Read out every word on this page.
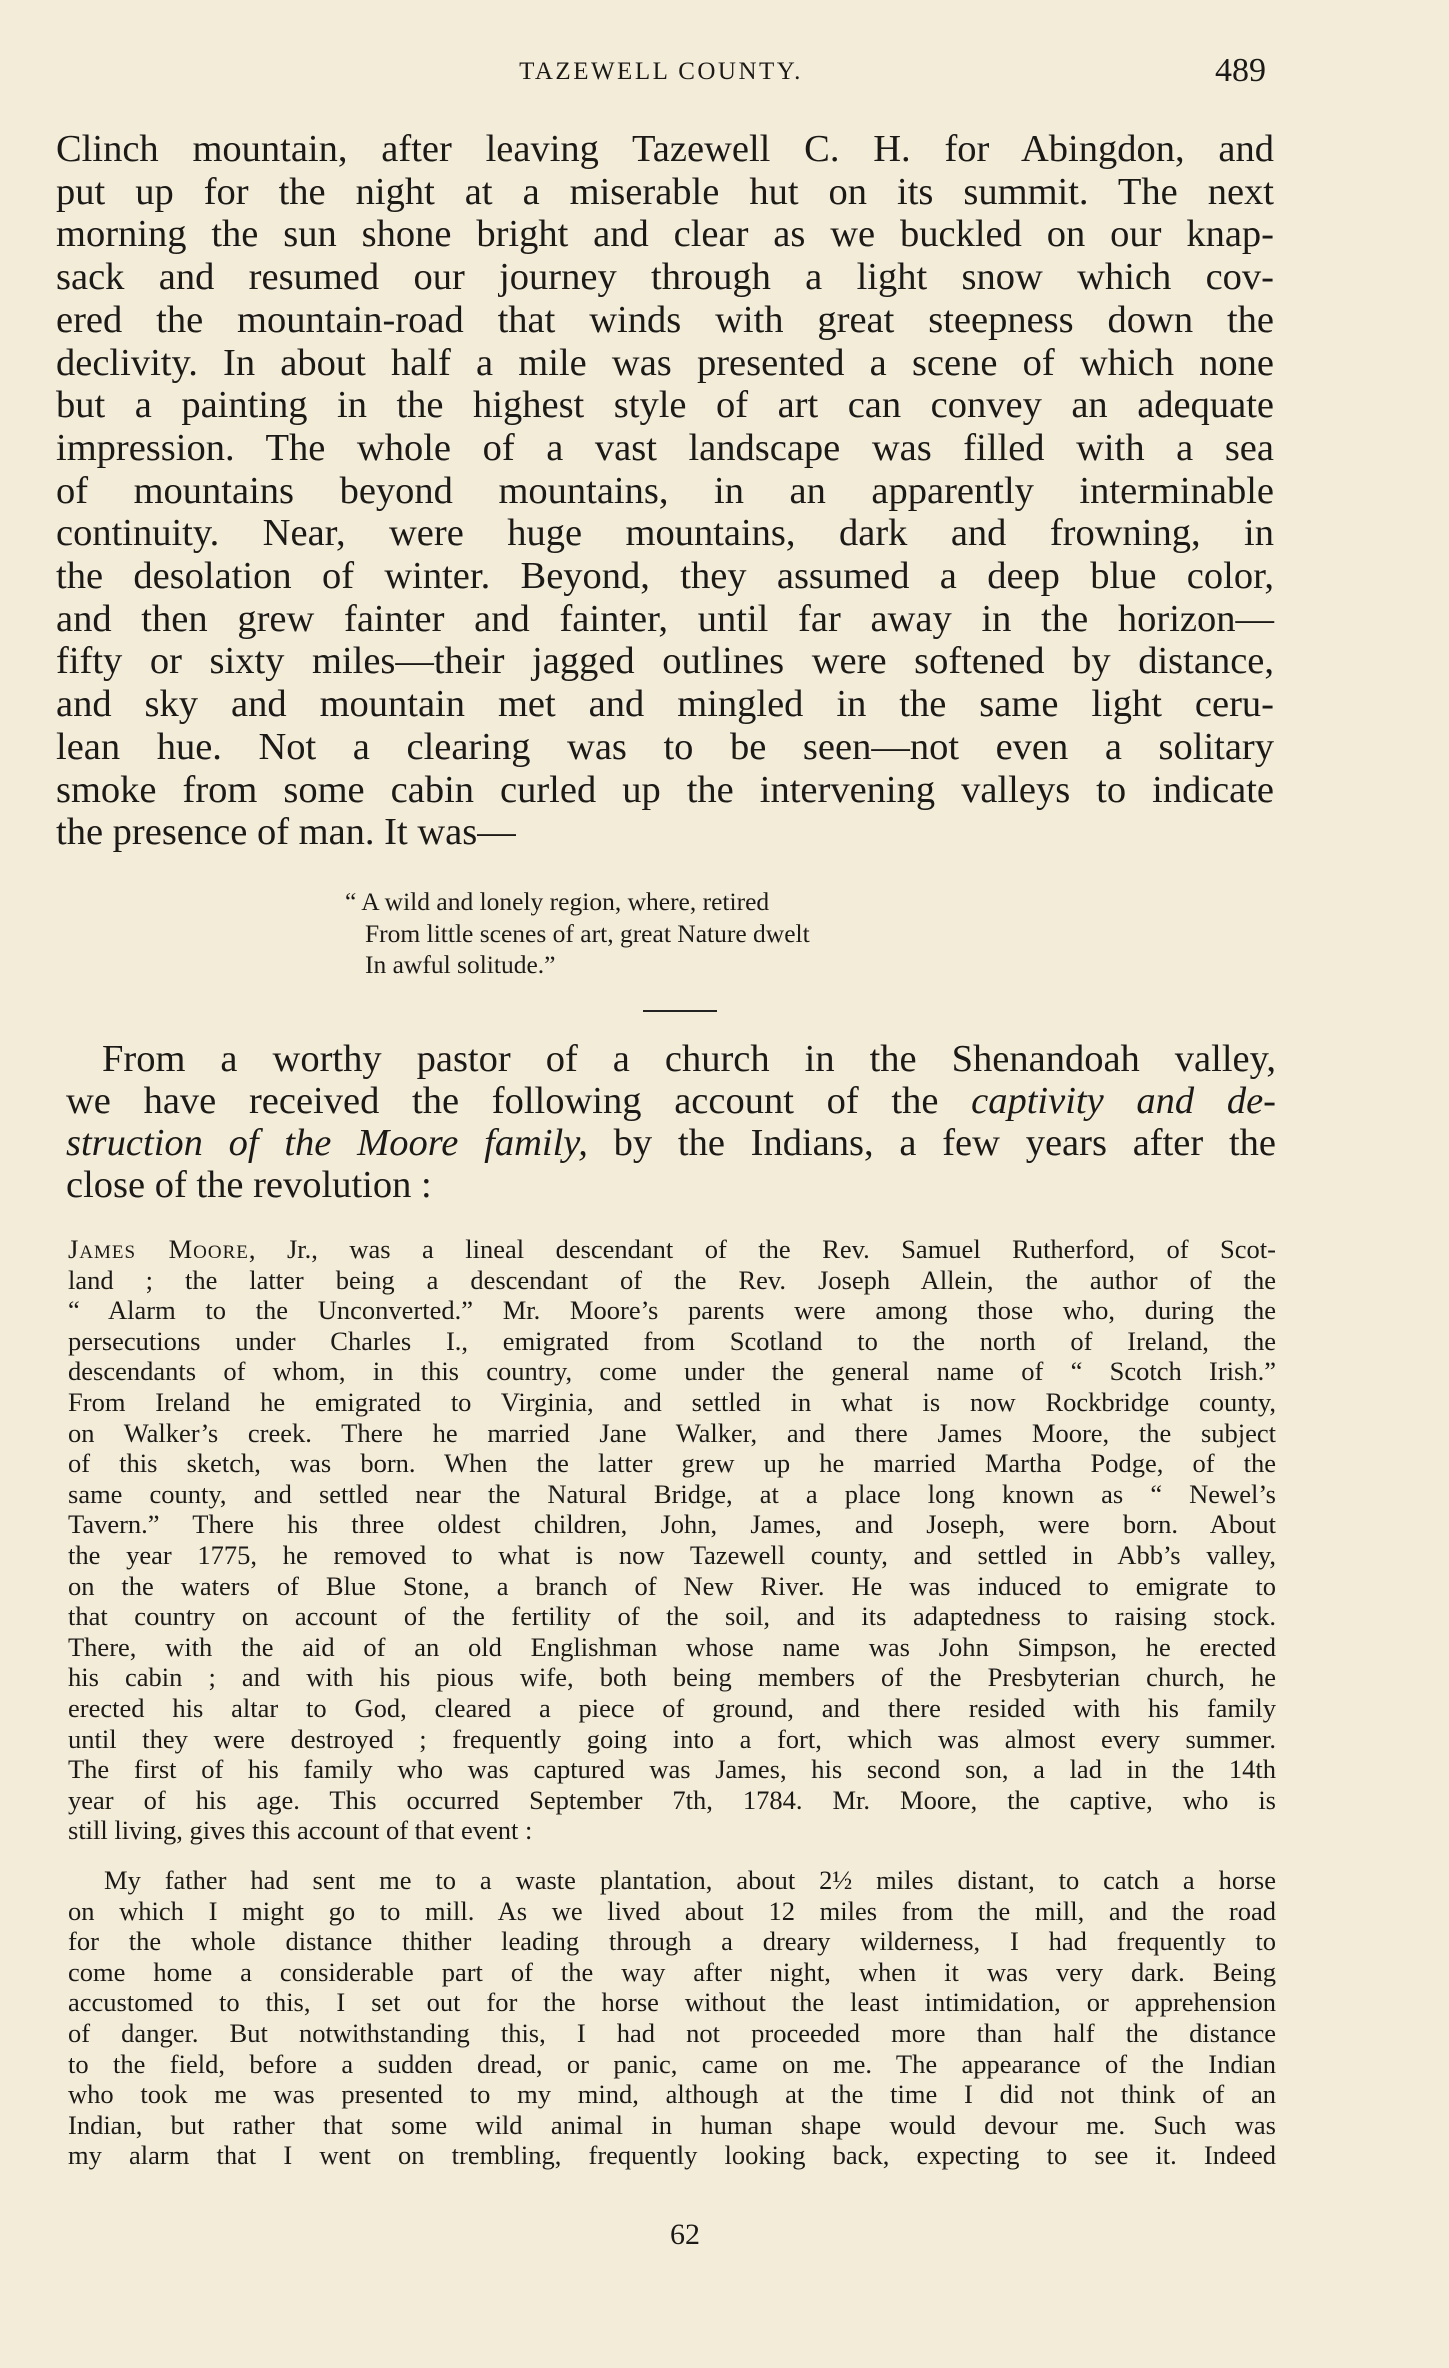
TAZEWELL COUNTY.	489

Clinch mountain, after leaving Tazewell C. H. for Abingdon, and
put up for the night at a miserable hut on its summit. The next
morning the sun shone bright and clear as we buckled on our knap-
sack and resumed our journey through a light snow which cov-
ered the mountain-road that winds with great steepness down the
declivity. In about half a mile was presented a scene of which none
but a painting in the highest style of art can convey an adequate
impression. The whole of a vast landscape was filled with a sea
of mountains beyond mountains, in an apparently interminable
continuity. Near, were huge mountains, dark and frowning, in
the desolation of winter. Beyond, they assumed a deep blue color,
and then grew fainter and fainter, until far away in the horizon—
fifty or sixty miles—their jagged outlines were softened by distance,
and sky and mountain met and mingled in the same light ceru-
lean hue. Not a clearing was to be seen—not even a solitary
smoke from some cabin curled up the intervening valleys to indicate
the presence of man. It was—

“ A wild and lonely region, where, retired
From little scenes of art, great Nature dwelt
In awful solitude.”

From a worthy pastor of a church in the Shenandoah valley,
we have received the following account of the captivity and de-
struction of the Moore family, by the Indians, a few years after the
close of the revolution :

James Moore, Jr., was a lineal descendant of the Rev. Samuel Rutherford, of Scot-
land ; the latter being a descendant of the Rev. Joseph Allein, the author of the
“ Alarm to the Unconverted.” Mr. Moore’s parents were among those who, during the
persecutions under Charles I., emigrated from Scotland to the north of Ireland, the
descendants of whom, in this country, come under the general name of “ Scotch Irish.”
From Ireland he emigrated to Virginia, and settled in what is now Rockbridge county,
on Walker’s creek. There he married Jane Walker, and there James Moore, the subject
of this sketch, was born. When the latter grew up he married Martha Podge, of the
same county, and settled near the Natural Bridge, at a place long known as “ Newel’s
Tavern.” There his three oldest children, John, James, and Joseph, were born. About
the year 1775, he removed to what is now Tazewell county, and settled in Abb’s valley,
on the waters of Blue Stone, a branch of New River. He was induced to emigrate to
that country on account of the fertility of the soil, and its adaptedness to raising stock.
There, with the aid of an old Englishman whose name was John Simpson, he erected
his cabin ; and with his pious wife, both being members of the Presbyterian church, he
erected his altar to God, cleared a piece of ground, and there resided with his family
until they were destroyed ; frequently going into a fort, which was almost every summer.
The first of his family who was captured was James, his second son, a lad in the 14th
year of his age. This occurred September 7th, 1784. Mr. Moore, the captive, who is
still living, gives this account of that event :

My father had sent me to a waste plantation, about 2½ miles distant, to catch a horse
on which I might go to mill. As we lived about 12 miles from the mill, and the road
for the whole distance thither leading through a dreary wilderness, I had frequently to
come home a considerable part of the way after night, when it was very dark. Being
accustomed to this, I set out for the horse without the least intimidation, or apprehension
of danger. But notwithstanding this, I had not proceeded more than half the distance
to the field, before a sudden dread, or panic, came on me. The appearance of the Indian
who took me was presented to my mind, although at the time I did not think of an
Indian, but rather that some wild animal in human shape would devour me. Such was
my alarm that I went on trembling, frequently looking back, expecting to see it. Indeed

62
